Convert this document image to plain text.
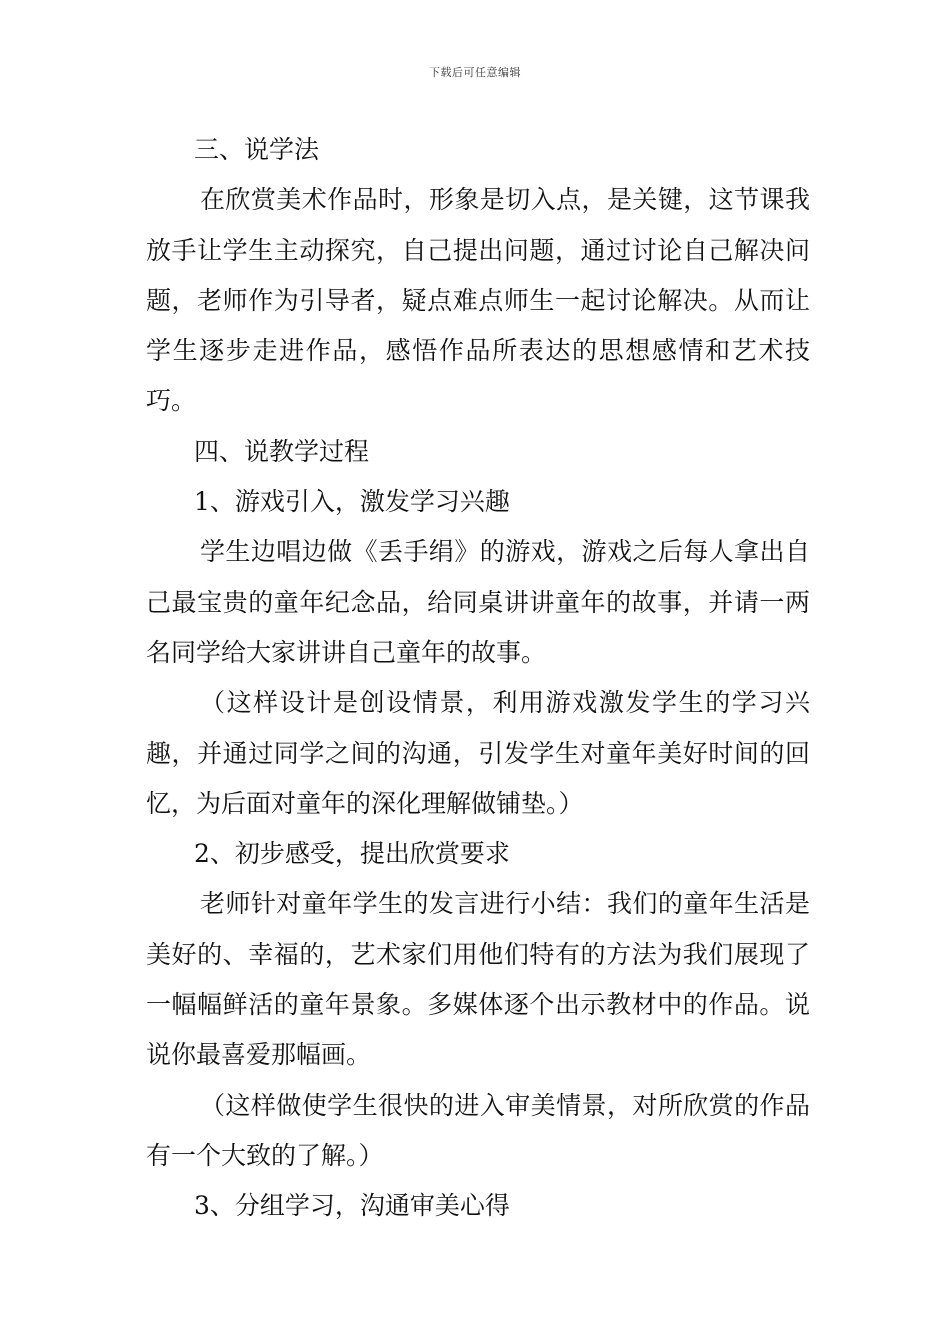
下载后可任意编辑

三、说学法

在欣赏美术作品时，形象是切入点，是关键，这节课我放手让学生主动探究，自己提出问题，通过讨论自己解决问题，老师作为引导者，疑点难点师生一起讨论解决。从而让学生逐步走进作品，感悟作品所表达的思想感情和艺术技巧。

四、说教学过程

1、游戏引入，激发学习兴趣

学生边唱边做《丢手绢》的游戏，游戏之后每人拿出自己最宝贵的童年纪念品，给同桌讲讲童年的故事，并请一两名同学给大家讲讲自己童年的故事。

（这样设计是创设情景，利用游戏激发学生的学习兴趣，并通过同学之间的沟通，引发学生对童年美好时间的回忆，为后面对童年的深化理解做铺垫。）

2、初步感受，提出欣赏要求

老师针对童年学生的发言进行小结：我们的童年生活是美好的、幸福的，艺术家们用他们特有的方法为我们展现了一幅幅鲜活的童年景象。多媒体逐个出示教材中的作品。说说你最喜爱那幅画。

（这样做使学生很快的进入审美情景，对所欣赏的作品有一个大致的了解。）

3、分组学习，沟通审美心得
